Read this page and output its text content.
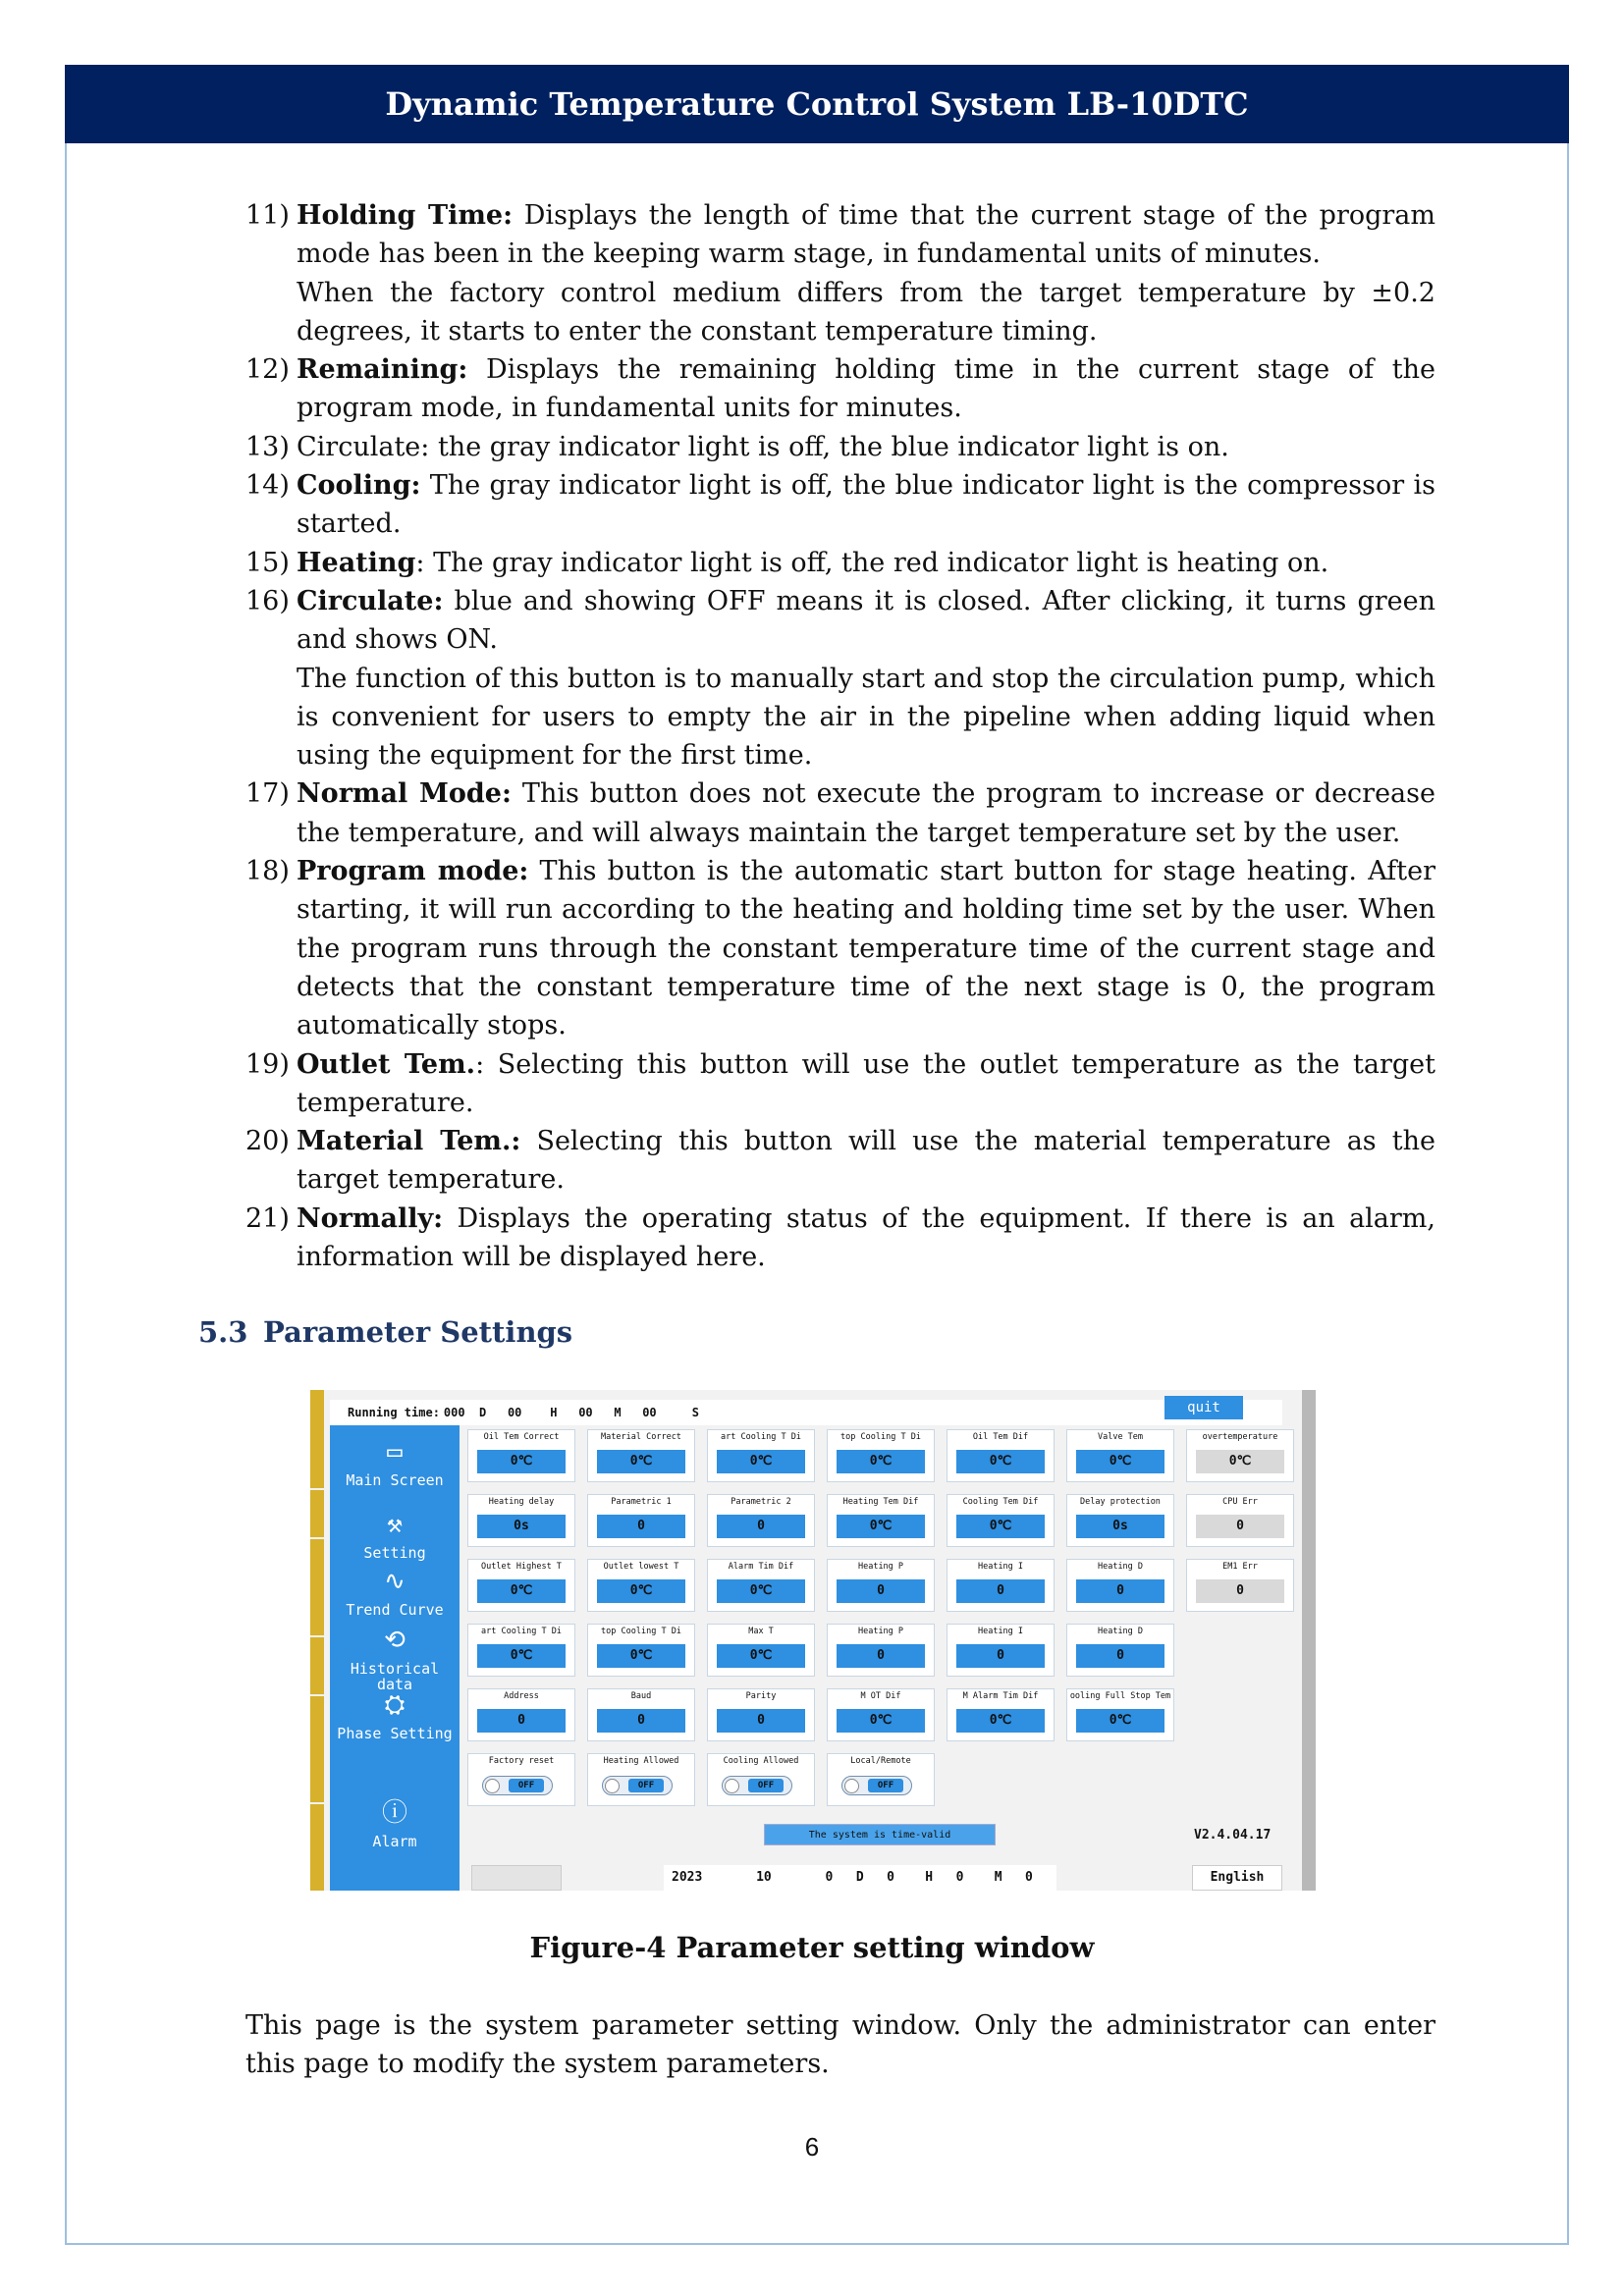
Dynamic Temperature Control System LB-10DTC
11) Holding Time: Displays the length of time that the current stage of the program mode has been in the keeping warm stage, in fundamental units of minutes.

When the factory control medium differs from the target temperature by ±0.2 degrees, it starts to enter the constant temperature timing.

12) Remaining: Displays the remaining holding time in the current stage of the program mode, in fundamental units for minutes.

13) Circulate: the gray indicator light is off, the blue indicator light is on.

14) Cooling: The gray indicator light is off, the blue indicator light is the compressor is started.

15) Heating: The gray indicator light is off, the red indicator light is heating on.

16) Circulate: blue and showing OFF means it is closed. After clicking, it turns green and shows ON.

The function of this button is to manually start and stop the circulation pump, which is convenient for users to empty the air in the pipeline when adding liquid when using the equipment for the first time.

17) Normal Mode: This button does not execute the program to increase or decrease the temperature, and will always maintain the target temperature set by the user.

18) Program mode: This button is the automatic start button for stage heating. After starting, it will run according to the heating and holding time set by the user. When the program runs through the constant temperature time of the current stage and detects that the constant temperature time of the next stage is 0, the program automatically stops.

19) Outlet Tem.: Selecting this button will use the outlet temperature as the target temperature.

20) Material Tem.: Selecting this button will use the material temperature as the target temperature.

21) Normally: Displays the operating status of the equipment. If there is an alarm, information will be displayed here.

5.3 Parameter Settings
Running time: 000  D   00    H   00   M   00     S	quit
▭
Main Screen
⚒
Setting
∿
Trend Curve
⟲
Historical data
⛭
Phase Setting
ⓘ
Alarm
Oil Tem Correct
0℃
Material Correct
0℃
art Cooling T Di
0℃
top Cooling T Di
0℃
Oil Tem Dif
0℃
Valve Tem
0℃
overtemperature
0℃
Heating delay
0s
Parametric 1
0
Parametric 2
0
Heating Tem Dif
0℃
Cooling Tem Dif
0℃
Delay protection
0s
CPU Err
0
Outlet Highest T
0℃
Outlet lowest T
0℃
Alarm Tim Dif
0℃
Heating P
0
Heating I
0
Heating D
0
EM1 Err
0
art Cooling T Di
0℃
top Cooling T Di
0℃
Max T
0℃
Heating P
0
Heating I
0
Heating D
0
Address
0
Baud
0
Parity
0
M OT Dif
0℃
M Alarm Tim Dif
0℃
ooling Full Stop Tem
0℃
Factory reset
OFF
Heating Allowed
OFF
Cooling Allowed
OFF
Local/Remote
OFF
The system is time-valid	V2.4.04.17
2023       10       0   D   0    H   0    M   0	English
Figure-4 Parameter setting window
This page is the system parameter setting window. Only the administrator can enter this page to modify the system parameters.
6
